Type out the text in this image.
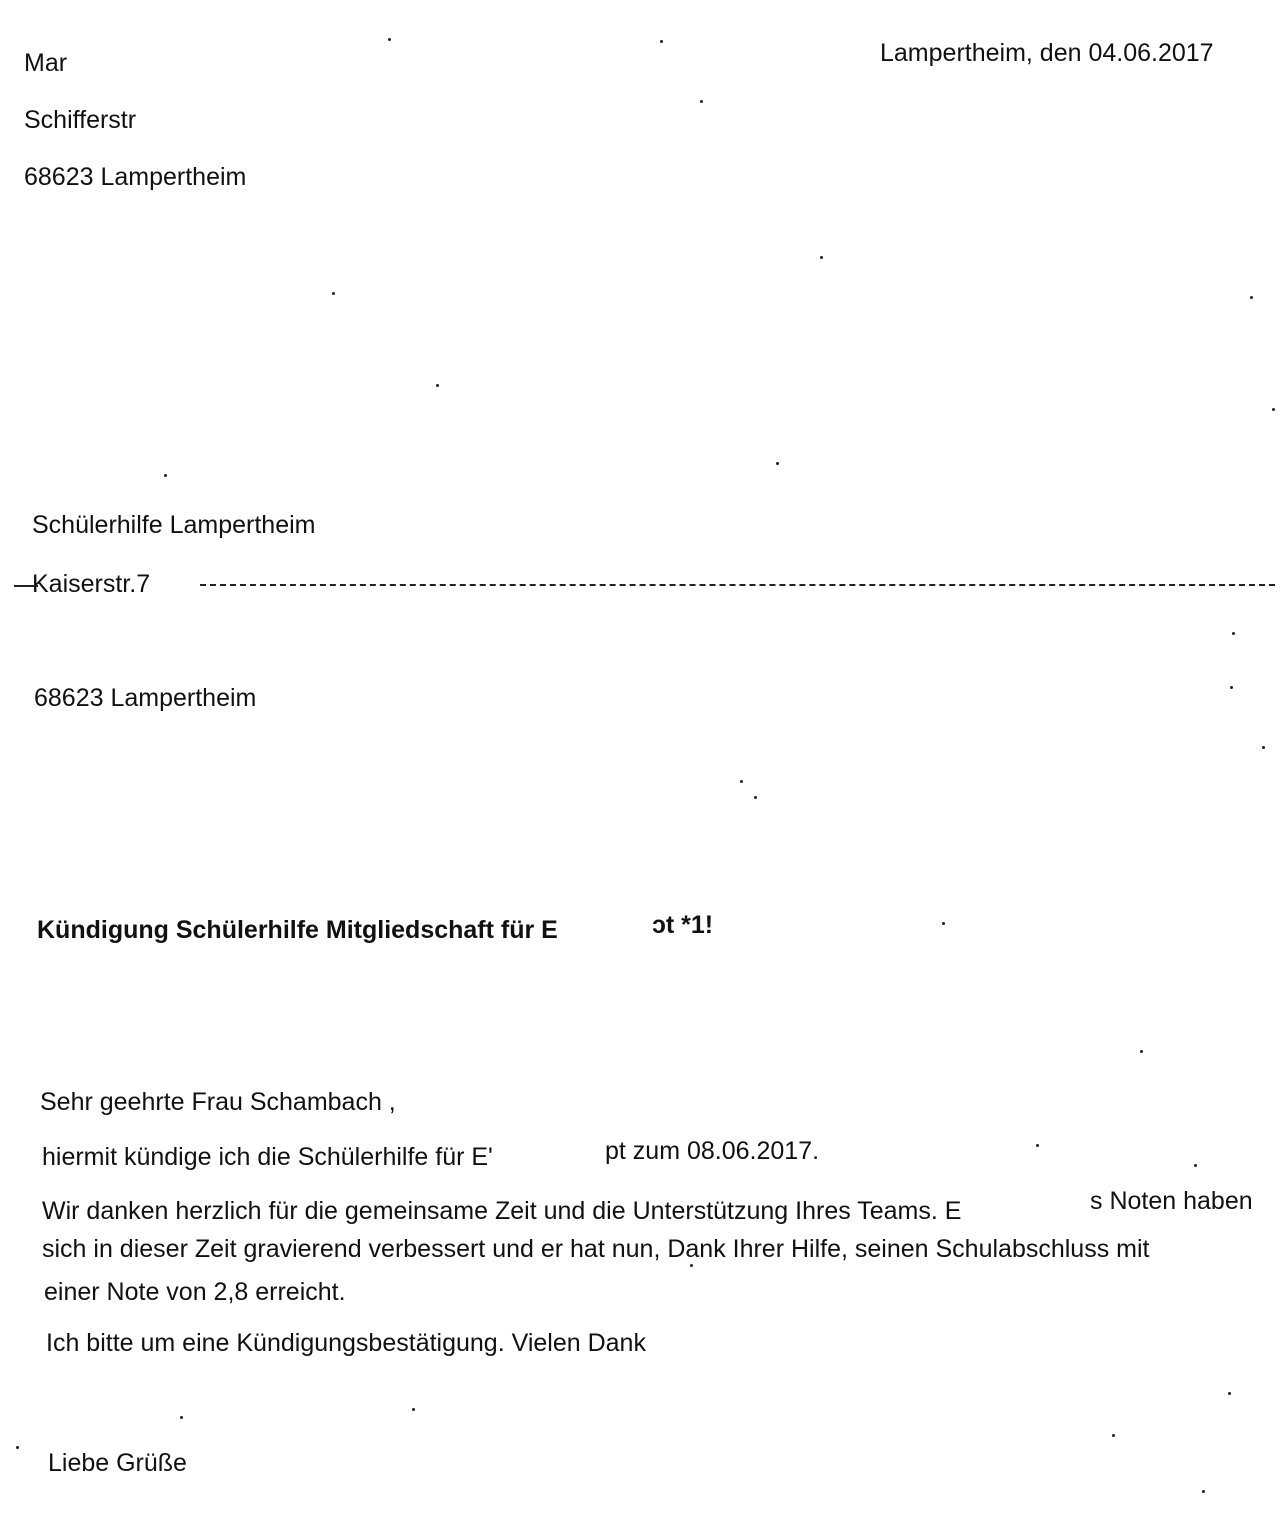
Mar
Schifferstr
68623 Lampertheim
Lampertheim, den 04.06.2017
Schülerhilfe Lampertheim
Kaiserstr.7
68623 Lampertheim
Kündigung Schülerhilfe Mitgliedschaft für E	ɔt *1!
Sehr geehrte Frau Schambach ,
hiermit kündige ich die Schülerhilfe für E'	pt zum 08.06.2017.
Wir danken herzlich für die gemeinsame Zeit und die Unterstützung Ihres Teams. E	s Noten haben
sich in dieser Zeit gravierend verbessert und er hat nun, Dank Ihrer Hilfe, seinen Schulabschluss mit
einer Note von 2,8 erreicht.
Ich bitte um eine Kündigungsbestätigung. Vielen Dank
Liebe Grüße
